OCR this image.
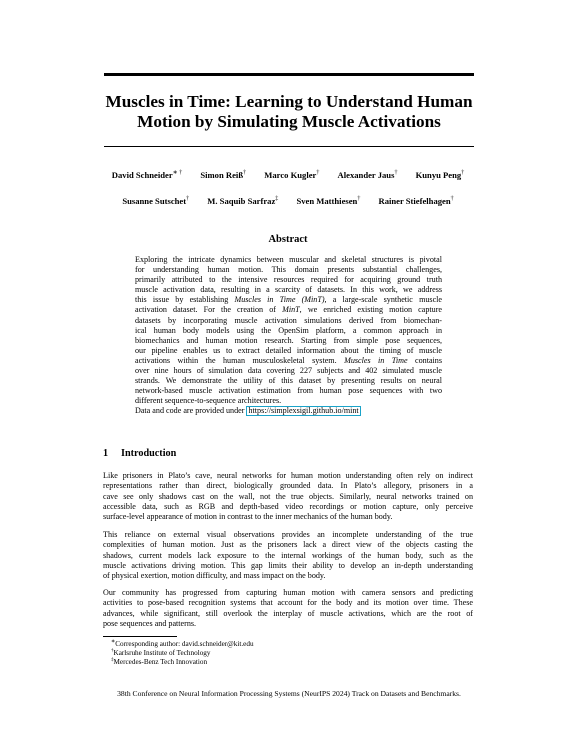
Muscles in Time: Learning to Understand Human
Motion by Simulating Muscle Activations
David Schneider∗ † Simon Reiß† Marco Kugler† Alexander Jaus† Kunyu Peng†
Susanne Sutschet† M. Saquib Sarfraz‡ Sven Matthiesen† Rainer Stiefelhagen†
Abstract
Exploring the intricate dynamics between muscular and skeletal structures is pivotal
for understanding human motion. This domain presents substantial challenges,
primarily attributed to the intensive resources required for acquiring ground truth
muscle activation data, resulting in a scarcity of datasets. In this work, we address
this issue by establishing Muscles in Time (MinT), a large-scale synthetic muscle
activation dataset. For the creation of MinT, we enriched existing motion capture
datasets by incorporating muscle activation simulations derived from biomechan-
ical human body models using the OpenSim platform, a common approach in
biomechanics and human motion research. Starting from simple pose sequences,
our pipeline enables us to extract detailed information about the timing of muscle
activations within the human musculoskeletal system. Muscles in Time contains
over nine hours of simulation data covering 227 subjects and 402 simulated muscle
strands. We demonstrate the utility of this dataset by presenting results on neural
network-based muscle activation estimation from human pose sequences with two
different sequence-to-sequence architectures.
Data and code are provided under https://simplexsigil.github.io/mint
1 Introduction
Like prisoners in Plato’s cave, neural networks for human motion understanding often rely on indirect
representations rather than direct, biologically grounded data. In Plato’s allegory, prisoners in a
cave see only shadows cast on the wall, not the true objects. Similarly, neural networks trained on
accessible data, such as RGB and depth-based video recordings or motion capture, only perceive
surface-level appearance of motion in contrast to the inner mechanics of the human body.
This reliance on external visual observations provides an incomplete understanding of the true
complexities of human motion. Just as the prisoners lack a direct view of the objects casting the
shadows, current models lack exposure to the internal workings of the human body, such as the
muscle activations driving motion. This gap limits their ability to develop an in-depth understanding
of physical exertion, motion difficulty, and mass impact on the body.
Our community has progressed from capturing human motion with camera sensors and predicting
activities to pose-based recognition systems that account for the body and its motion over time. These
advances, while significant, still overlook the interplay of muscle activations, which are the root of
pose sequences and patterns.
∗Corresponding author: david.schneider@kit.edu
†Karlsruhe Institute of Technology
‡Mercedes-Benz Tech Innovation
38th Conference on Neural Information Processing Systems (NeurIPS 2024) Track on Datasets and Benchmarks.
